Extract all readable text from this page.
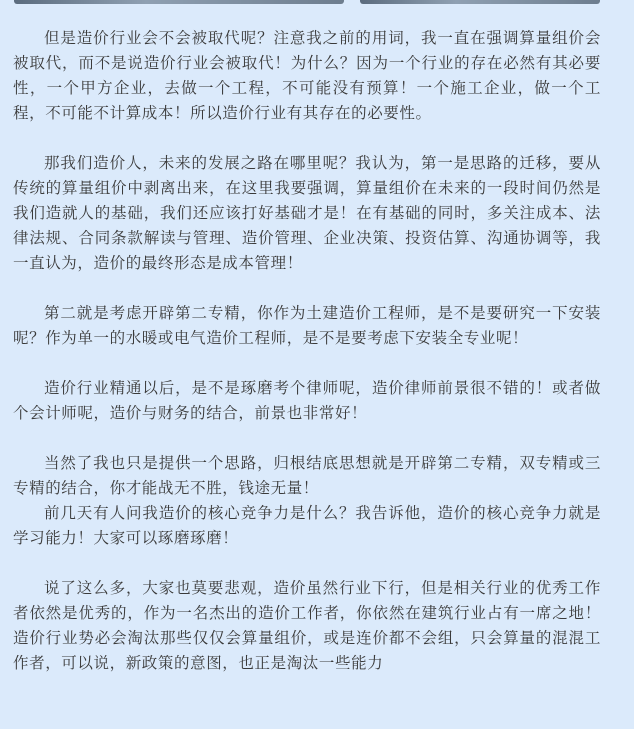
但是造价行业会不会被取代呢？注意我之前的用词，我一直在强调算量组价会被取代，而不是说造价行业会被取代！为什么？因为一个行业的存在必然有其必要性，一个甲方企业，去做一个工程，不可能没有预算！一个施工企业，做一个工程，不可能不计算成本！所以造价行业有其存在的必要性。

那我们造价人，未来的发展之路在哪里呢？我认为，第一是思路的迁移，要从传统的算量组价中剥离出来，在这里我要强调，算量组价在未来的一段时间仍然是我们造就人的基础，我们还应该打好基础才是！在有基础的同时，多关注成本、法律法规、合同条款解读与管理、造价管理、企业决策、投资估算、沟通协调等，我一直认为，造价的最终形态是成本管理！

第二就是考虑开辟第二专精，你作为土建造价工程师，是不是要研究一下安装呢？作为单一的水暖或电气造价工程师，是不是要考虑下安装全专业呢！

造价行业精通以后，是不是琢磨考个律师呢，造价律师前景很不错的！或者做个会计师呢，造价与财务的结合，前景也非常好！

当然了我也只是提供一个思路，归根结底思想就是开辟第二专精，双专精或三专精的结合，你才能战无不胜，钱途无量！

前几天有人问我造价的核心竞争力是什么？我告诉他，造价的核心竞争力就是学习能力！大家可以琢磨琢磨！

说了这么多，大家也莫要悲观，造价虽然行业下行，但是相关行业的优秀工作者依然是优秀的，作为一名杰出的造价工作者，你依然在建筑行业占有一席之地！造价行业势必会淘汰那些仅仅会算量组价，或是连价都不会组，只会算量的混混工作者，可以说，新政策的意图，也正是淘汰一些能力
